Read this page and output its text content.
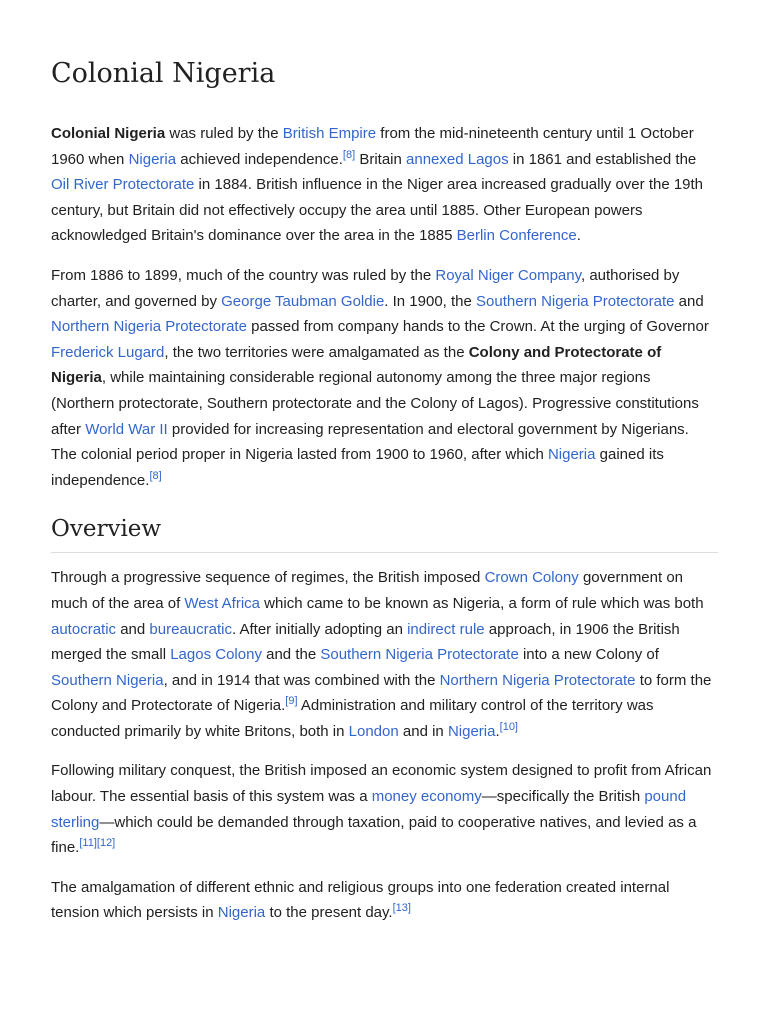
Colonial Nigeria

Colonial Nigeria was ruled by the British Empire from the mid-nineteenth century until 1 October 1960 when Nigeria achieved independence.[8] Britain annexed Lagos in 1861 and established the Oil River Protectorate in 1884. British influence in the Niger area increased gradually over the 19th century, but Britain did not effectively occupy the area until 1885. Other European powers acknowledged Britain's dominance over the area in the 1885 Berlin Conference.

From 1886 to 1899, much of the country was ruled by the Royal Niger Company, authorised by charter, and governed by George Taubman Goldie. In 1900, the Southern Nigeria Protectorate and Northern Nigeria Protectorate passed from company hands to the Crown. At the urging of Governor Frederick Lugard, the two territories were amalgamated as the Colony and Protectorate of Nigeria, while maintaining considerable regional autonomy among the three major regions (Northern protectorate, Southern protectorate and the Colony of Lagos). Progressive constitutions after World War II provided for increasing representation and electoral government by Nigerians. The colonial period proper in Nigeria lasted from 1900 to 1960, after which Nigeria gained its independence.[8]

Overview

Through a progressive sequence of regimes, the British imposed Crown Colony government on much of the area of West Africa which came to be known as Nigeria, a form of rule which was both autocratic and bureaucratic. After initially adopting an indirect rule approach, in 1906 the British merged the small Lagos Colony and the Southern Nigeria Protectorate into a new Colony of Southern Nigeria, and in 1914 that was combined with the Northern Nigeria Protectorate to form the Colony and Protectorate of Nigeria.[9] Administration and military control of the territory was conducted primarily by white Britons, both in London and in Nigeria.[10]

Following military conquest, the British imposed an economic system designed to profit from African labour. The essential basis of this system was a money economy—specifically the British pound sterling—which could be demanded through taxation, paid to cooperative natives, and levied as a fine.[11][12]

The amalgamation of different ethnic and religious groups into one federation created internal tension which persists in Nigeria to the present day.[13]
